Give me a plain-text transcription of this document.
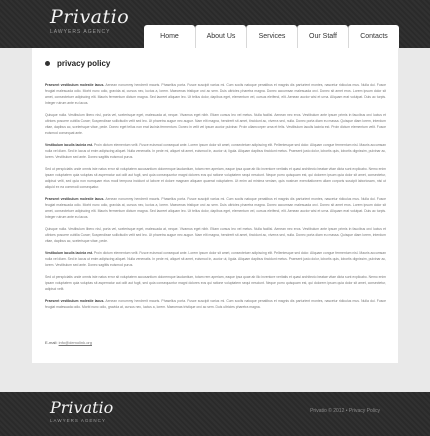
Privatio
LAWYERS AGENCY
Home	About Us	Services	Our Staff	Contacts
privacy policy

Praesent vestibulum molestie lacus. Aenean nonummy hendrerit mauris. Phasellus porta. Fusce suscipit varius mi. Cum sociis natoque penatibus et magnis dis parturient montes, nascetur ridiculus mus. Nulla dui. Fusce feugiat malesuada odio. Morbi nunc odio, gravida at, cursus nec, luctus a, lorem. Maecenas tristique orci ac sem. Duis ultricies pharetra magna. Donec accumsan malesuada orci. Donec sit amet eros. Lorem ipsum dolor sit amet, consectetuer adipiscing elit. Mauris fermentum dictum magna. Sed laoreet aliquam leo. Ut tellus dolor, dapibus eget, elementum vel, cursus eleifend, elit. Aenean auctor wisi et urna. Aliquam erat volutpat. Duis ac turpis. Integer rutrum ante eu lacus.

Quisque nulla. Vestibulum libero nisl, porta vel, scelerisque eget, malesuada at, neque. Vivamus eget nibh. Etiam cursus leo vel metus. Nulla facilisi. Aenean nec eros. Vestibulum ante ipsum primis in faucibus orci luctus et ultrices posuere cubilia Curae; Suspendisse sollicitudin velit sed leo. Ut pharetra augue nec augue. Nam elit magna, hendrerit sit amet, tincidunt ac, viverra sed, nulla. Donec porta diam eu massa. Quisque diam lorem, interdum vitae, dapibus ac, scelerisque vitae, pede. Donec eget tellus non erat lacinia fermentum. Donec in velit vel ipsum auctor pulvinar. Proin ullamcorper urna et felis. Vestibulum iaculis lacinia est. Proin dictum elementum velit. Fusce euismod consequat ante.

Vestibulum iaculis lacinia est. Proin dictum elementum velit. Fusce euismod consequat ante. Lorem ipsum dolor sit amet, consectetuer adipiscing elit. Pellentesque sed dolor. Aliquam congue fermentum nisl. Mauris accumsan nulla vel diam. Sed in lacus ut enim adipiscing aliquet. Nulla venenatis. In pede mi, aliquet sit amet, euismod in, auctor ut, ligula. Aliquam dapibus tincidunt metus. Praesent justo dolor, lobortis quis, lobortis dignissim, pulvinar ac, lorem. Vestibulum sed ante. Donec sagittis euismod purus.

Sed ut perspiciatis unde omnis iste natus error sit voluptatem accusantium doloremque laudantium, totam rem aperiam, eaque ipsa quae ab illo inventore veritatis et quasi architecto beatae vitae dicta sunt explicabo. Nemo enim ipsam voluptatem quia voluptas sit aspernatur aut odit aut fugit, sed quia consequuntur magni dolores eos qui ratione voluptatem sequi nesciunt. Neque porro quisquam est, qui dolorem ipsum quia dolor sit amet, consectetur, adipisci velit, sed quia non numquam eius modi tempora incidunt ut labore et dolore magnam aliquam quaerat voluptatem. Ut enim ad minima veniam, quis nostrum exercitationem ullam corporis suscipit laboriosam, nisi ut aliquid ex ea commodi consequatur.

Praesent vestibulum molestie lacus. Aenean nonummy hendrerit mauris. Phasellus porta. Fusce suscipit varius mi. Cum sociis natoque penatibus et magnis dis parturient montes, nascetur ridiculus mus. Nulla dui. Fusce feugiat malesuada odio. Morbi nunc odio, gravida at, cursus nec, luctus a, lorem. Maecenas tristique orci ac sem. Duis ultricies pharetra magna. Donec accumsan malesuada orci. Donec sit amet eros. Lorem ipsum dolor sit amet, consectetuer adipiscing elit. Mauris fermentum dictum magna. Sed laoreet aliquam leo. Ut tellus dolor, dapibus eget, elementum vel, cursus eleifend, elit. Aenean auctor wisi et urna. Aliquam erat volutpat. Duis ac turpis. Integer rutrum ante eu lacus.

Quisque nulla. Vestibulum libero nisl, porta vel, scelerisque eget, malesuada at, neque. Vivamus eget nibh. Etiam cursus leo vel metus. Nulla facilisi. Aenean nec eros. Vestibulum ante ipsum primis in faucibus orci luctus et ultrices posuere cubilia Curae; Suspendisse sollicitudin velit sed leo. Ut pharetra augue nec augue. Nam elit magna, hendrerit sit amet, tincidunt ac, viverra sed, nulla. Donec porta diam eu massa. Quisque diam lorem, interdum vitae, dapibus ac, scelerisque vitae, pede.

Vestibulum iaculis lacinia est. Proin dictum elementum velit. Fusce euismod consequat ante. Lorem ipsum dolor sit amet, consectetuer adipiscing elit. Pellentesque sed dolor. Aliquam congue fermentum nisl. Mauris accumsan nulla vel diam. Sed in lacus ut enim adipiscing aliquet. Nulla venenatis. In pede mi, aliquet sit amet, euismod in, auctor ut, ligula. Aliquam dapibus tincidunt metus. Praesent justo dolor, lobortis quis, lobortis dignissim, pulvinar ac, lorem. Vestibulum sed ante. Donec sagittis euismod purus.

Sed ut perspiciatis unde omnis iste natus error sit voluptatem accusantium doloremque laudantium, totam rem aperiam, eaque ipsa quae ab illo inventore veritatis et quasi architecto beatae vitae dicta sunt explicabo. Nemo enim ipsam voluptatem quia voluptas sit aspernatur aut odit aut fugit, sed quia consequuntur magni dolores eos qui ratione voluptatem sequi nesciunt. Neque porro quisquam est, qui dolorem ipsum quia dolor sit amet, consectetur, adipisci velit.

Praesent vestibulum molestie lacus. Aenean nonummy hendrerit mauris. Phasellus porta. Fusce suscipit varius mi. Cum sociis natoque penatibus et magnis dis parturient montes, nascetur ridiculus mus. Nulla dui. Fusce feugiat malesuada odio. Morbi nunc odio, gravida at, cursus nec, luctus a, lorem. Maecenas tristique orci ac sem. Duis ultricies pharetra magna.

E-mail: info@demolink.org
Privatio
LAWYERS AGENCY
Privatio © 2012 • Privacy Policy
